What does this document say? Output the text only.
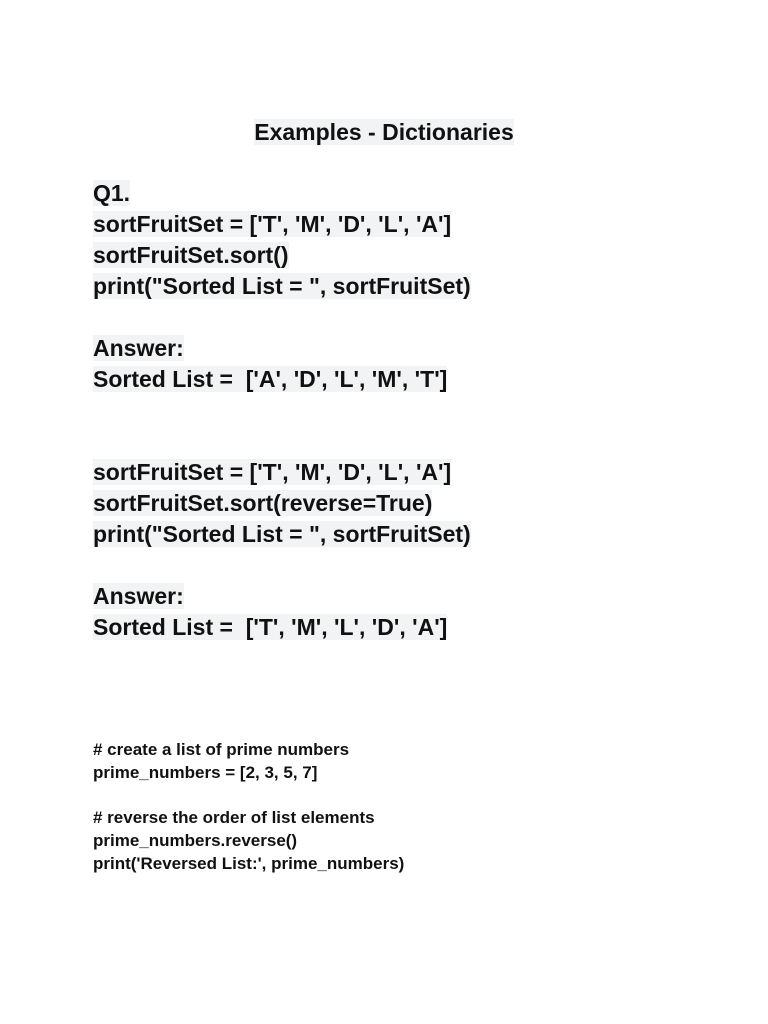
Examples - Dictionaries
Q1.
sortFruitSet = ['T', 'M', 'D', 'L', 'A']
sortFruitSet.sort()
print("Sorted List = ", sortFruitSet)
Answer:
Sorted List =  ['A', 'D', 'L', 'M', 'T']
sortFruitSet = ['T', 'M', 'D', 'L', 'A']
sortFruitSet.sort(reverse=True)
print("Sorted List = ", sortFruitSet)
Answer:
Sorted List =  ['T', 'M', 'L', 'D', 'A']
# create a list of prime numbers
prime_numbers = [2, 3, 5, 7]
# reverse the order of list elements
prime_numbers.reverse()
print('Reversed List:', prime_numbers)
